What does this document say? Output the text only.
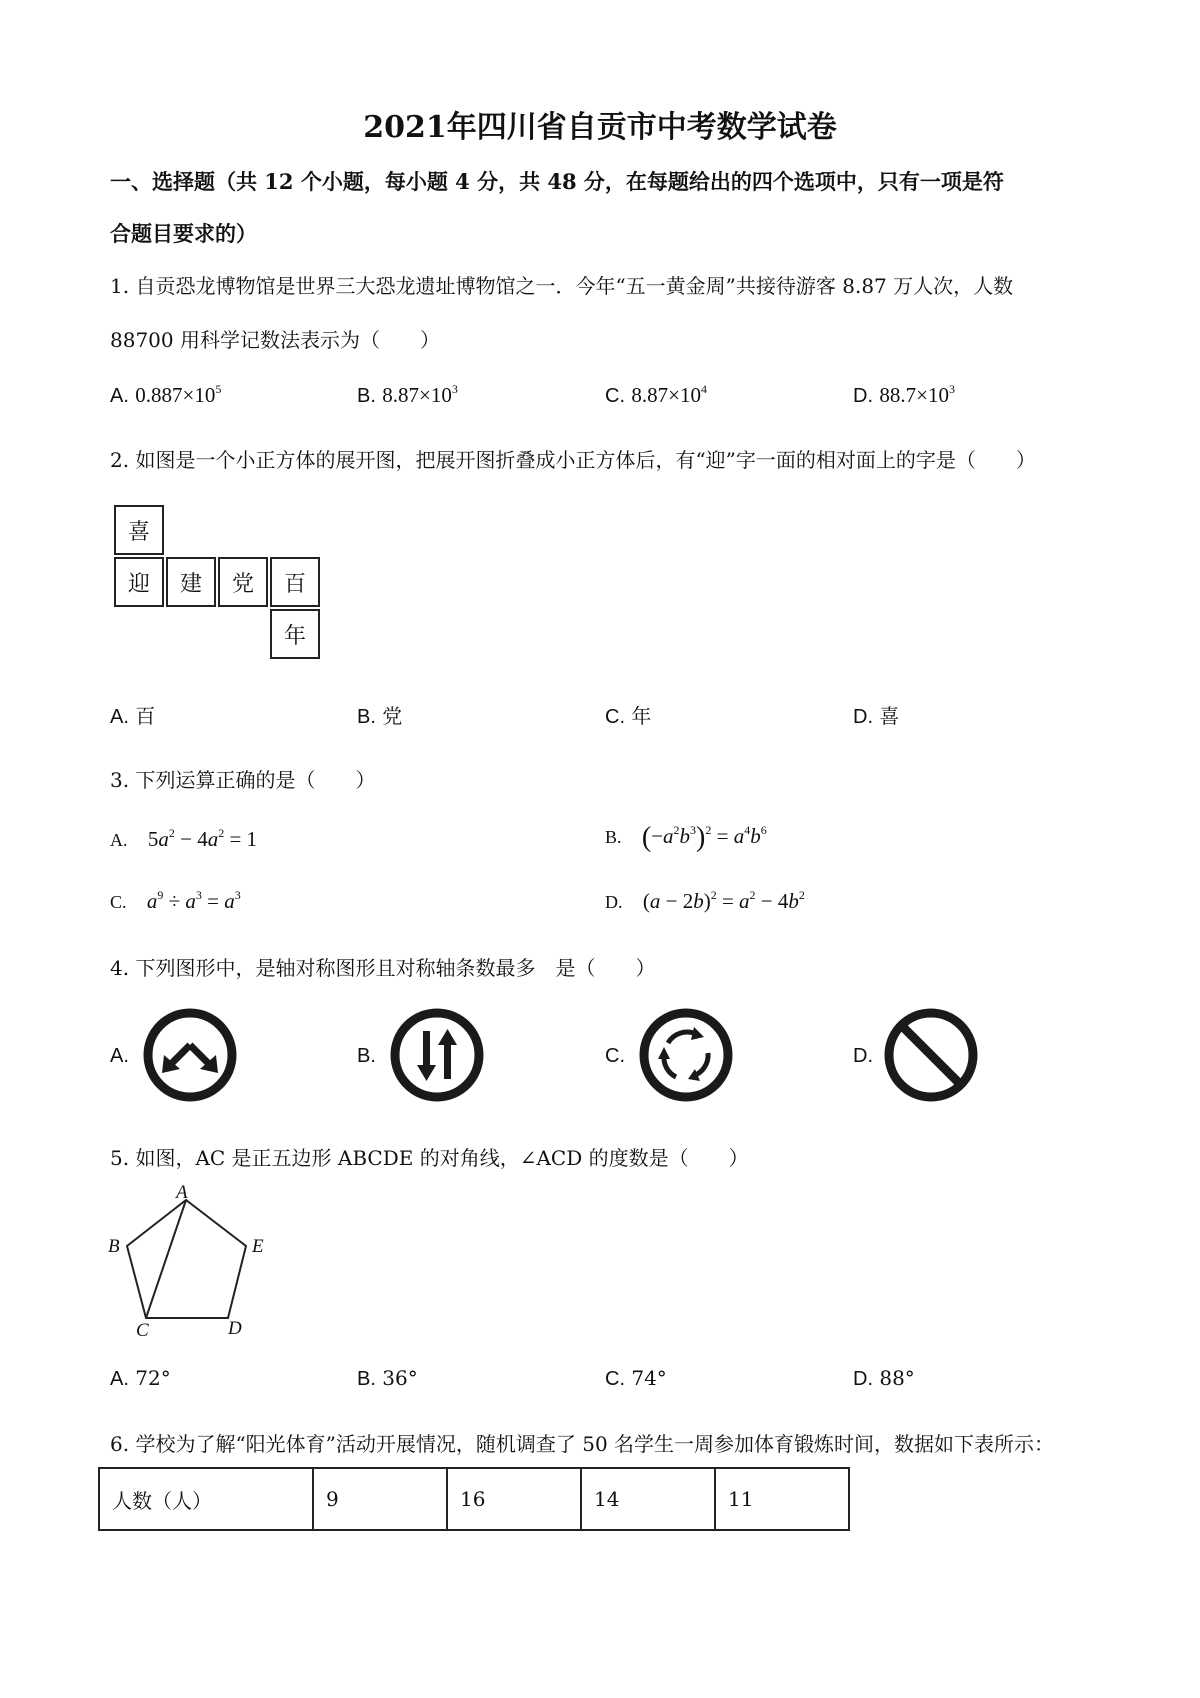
2021年四川省自贡市中考数学试卷
一、选择题（共 12 个小题，每小题 4 分，共 48 分，在每题给出的四个选项中，只有一项是符
合题目要求的）
1. 自贡恐龙博物馆是世界三大恐龙遗址博物馆之一．今年“五一黄金周”共接待游客 8.87 万人次，人数
88700 用科学记数法表示为（　　）
A. $0.887\times 10^5$	B. $8.87\times 10^3$	C. $8.87\times 10^4$	D. $88.7\times 10^3$
2. 如图是一个小正方体的展开图，把展开图折叠成小正方体后，有“迎”字一面的相对面上的字是（　　）
喜
迎	建	党	百
年
A. 百	B. 党	C. 年	D. 喜
3. 下列运算正确的是（　　）
A. $5a^2 - 4a^2 = 1$	B. $(-a^2b^3)^2 = a^4b^6$
C. $a^9 \div a^3 = a^3$	D. $(a - 2b)^2 = a^2 - 4b^2$
4. 下列图形中，是轴对称图形且对称轴条数最多　是（　　）
A.	B.	C.	D.
5. 如图，AC 是正五边形 ABCDE 的对角线，∠ACD 的度数是（　　）
A
B
C	D
E
A. 72°	B. 36°	C. 74°	D. 88°
6. 学校为了解“阳光体育”活动开展情况，随机调查了 50 名学生一周参加体育锻炼时间，数据如下表所示：
人数（人）	9	16	14	11
